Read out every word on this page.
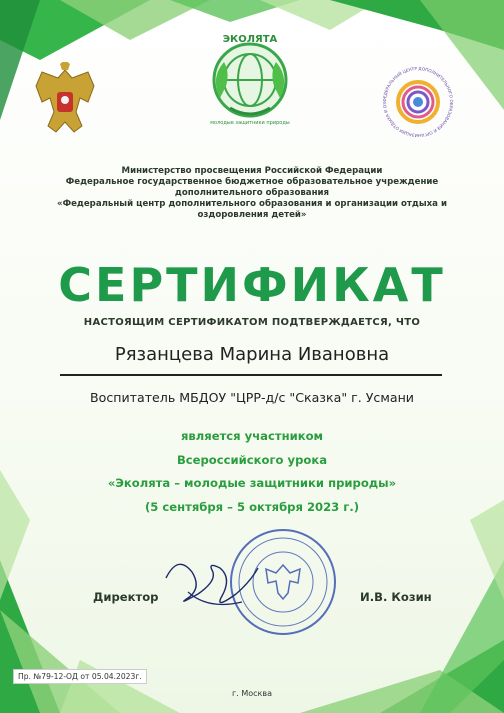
ЭКОЛЯТА
молодые защитники природы
ФЕДЕРАЛЬНЫЙ ЦЕНТР ДОПОЛНИТЕЛЬНОГО ОБРАЗОВАНИЯ И ОРГАНИЗАЦИИ ОТДЫХА И ОЗ
Министерство просвещения Российской Федерации
Федеральное государственное бюджетное образовательное учреждение
дополнительного образования
«Федеральный центр дополнительного образования и организации отдыха и
оздоровления детей»
СЕРТИФИКАТ
НАСТОЯЩИМ СЕРТИФИКАТОМ ПОДТВЕРЖДАЕТСЯ, ЧТО
Рязанцева Марина Ивановна
Воспитатель МБДОУ "ЦРР-д/с "Сказка" г. Усмани
является участником
Всероссийского урока
«Эколята – молодые защитники природы»
(5 сентября – 5 октября 2023 г.)
Директор	И.В. Козин
Пр. №79-12-ОД от 05.04.2023г.
г. Москва
